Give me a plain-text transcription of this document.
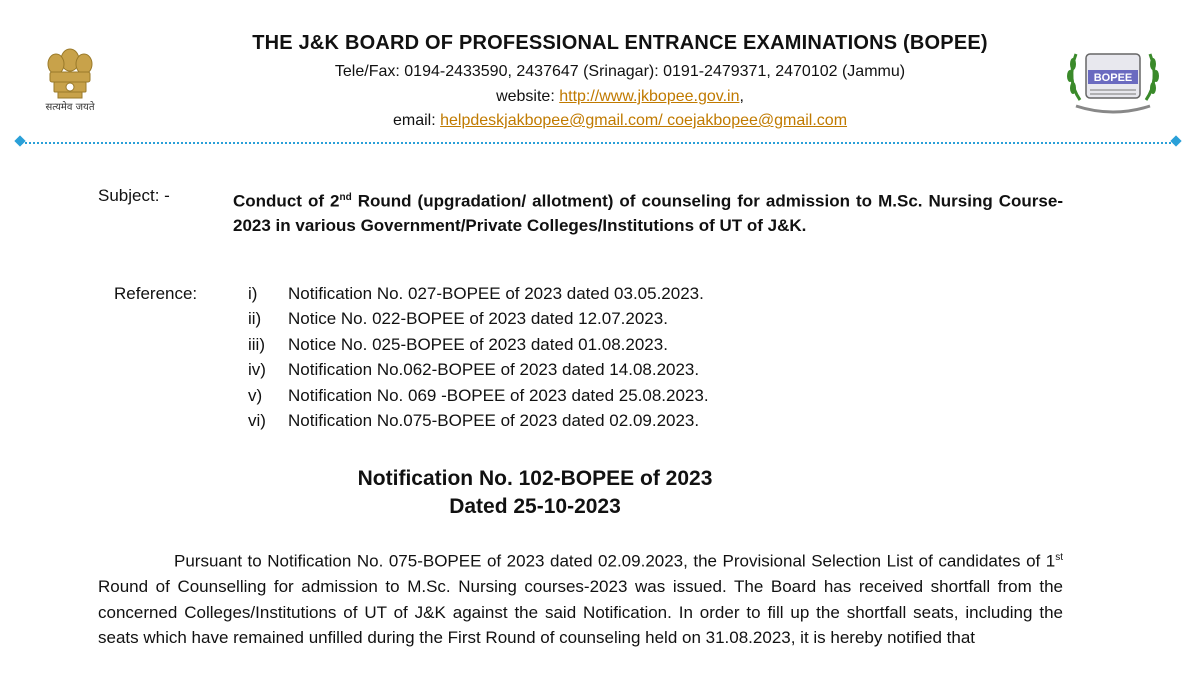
सत्यमेव जयते
BOPEE
THE J&K BOARD OF PROFESSIONAL ENTRANCE EXAMINATIONS (BOPEE)
Tele/Fax: 0194-2433590, 2437647 (Srinagar): 0191-2479371, 2470102 (Jammu)
website: http://www.jkbopee.gov.in,
email: helpdeskjakbopee@gmail.com/ coejakbopee@gmail.com
Subject: -	Conduct of 2nd Round (upgradation/ allotment) of counseling for admission to M.Sc. Nursing Course-2023 in various Government/Private Colleges/Institutions of UT of J&K.
Reference:	i) Notification No. 027-BOPEE of 2023 dated 03.05.2023.
ii) Notice No. 022-BOPEE of 2023 dated 12.07.2023.
iii) Notice No. 025-BOPEE of 2023 dated 01.08.2023.
iv) Notification No.062-BOPEE of 2023 dated 14.08.2023.
v) Notification No. 069 -BOPEE of 2023 dated 25.08.2023.
vi) Notification No.075-BOPEE of 2023 dated 02.09.2023.
Notification No. 102-BOPEE of 2023
Dated 25-10-2023

Pursuant to Notification No. 075-BOPEE of 2023 dated 02.09.2023, the Provisional Selection List of candidates of 1st Round of Counselling for admission to M.Sc. Nursing courses-2023 was issued. The Board has received shortfall from the concerned Colleges/Institutions of UT of J&K against the said Notification. In order to fill up the shortfall seats, including the seats which have remained unfilled during the First Round of counseling held on 31.08.2023, it is hereby notified that
